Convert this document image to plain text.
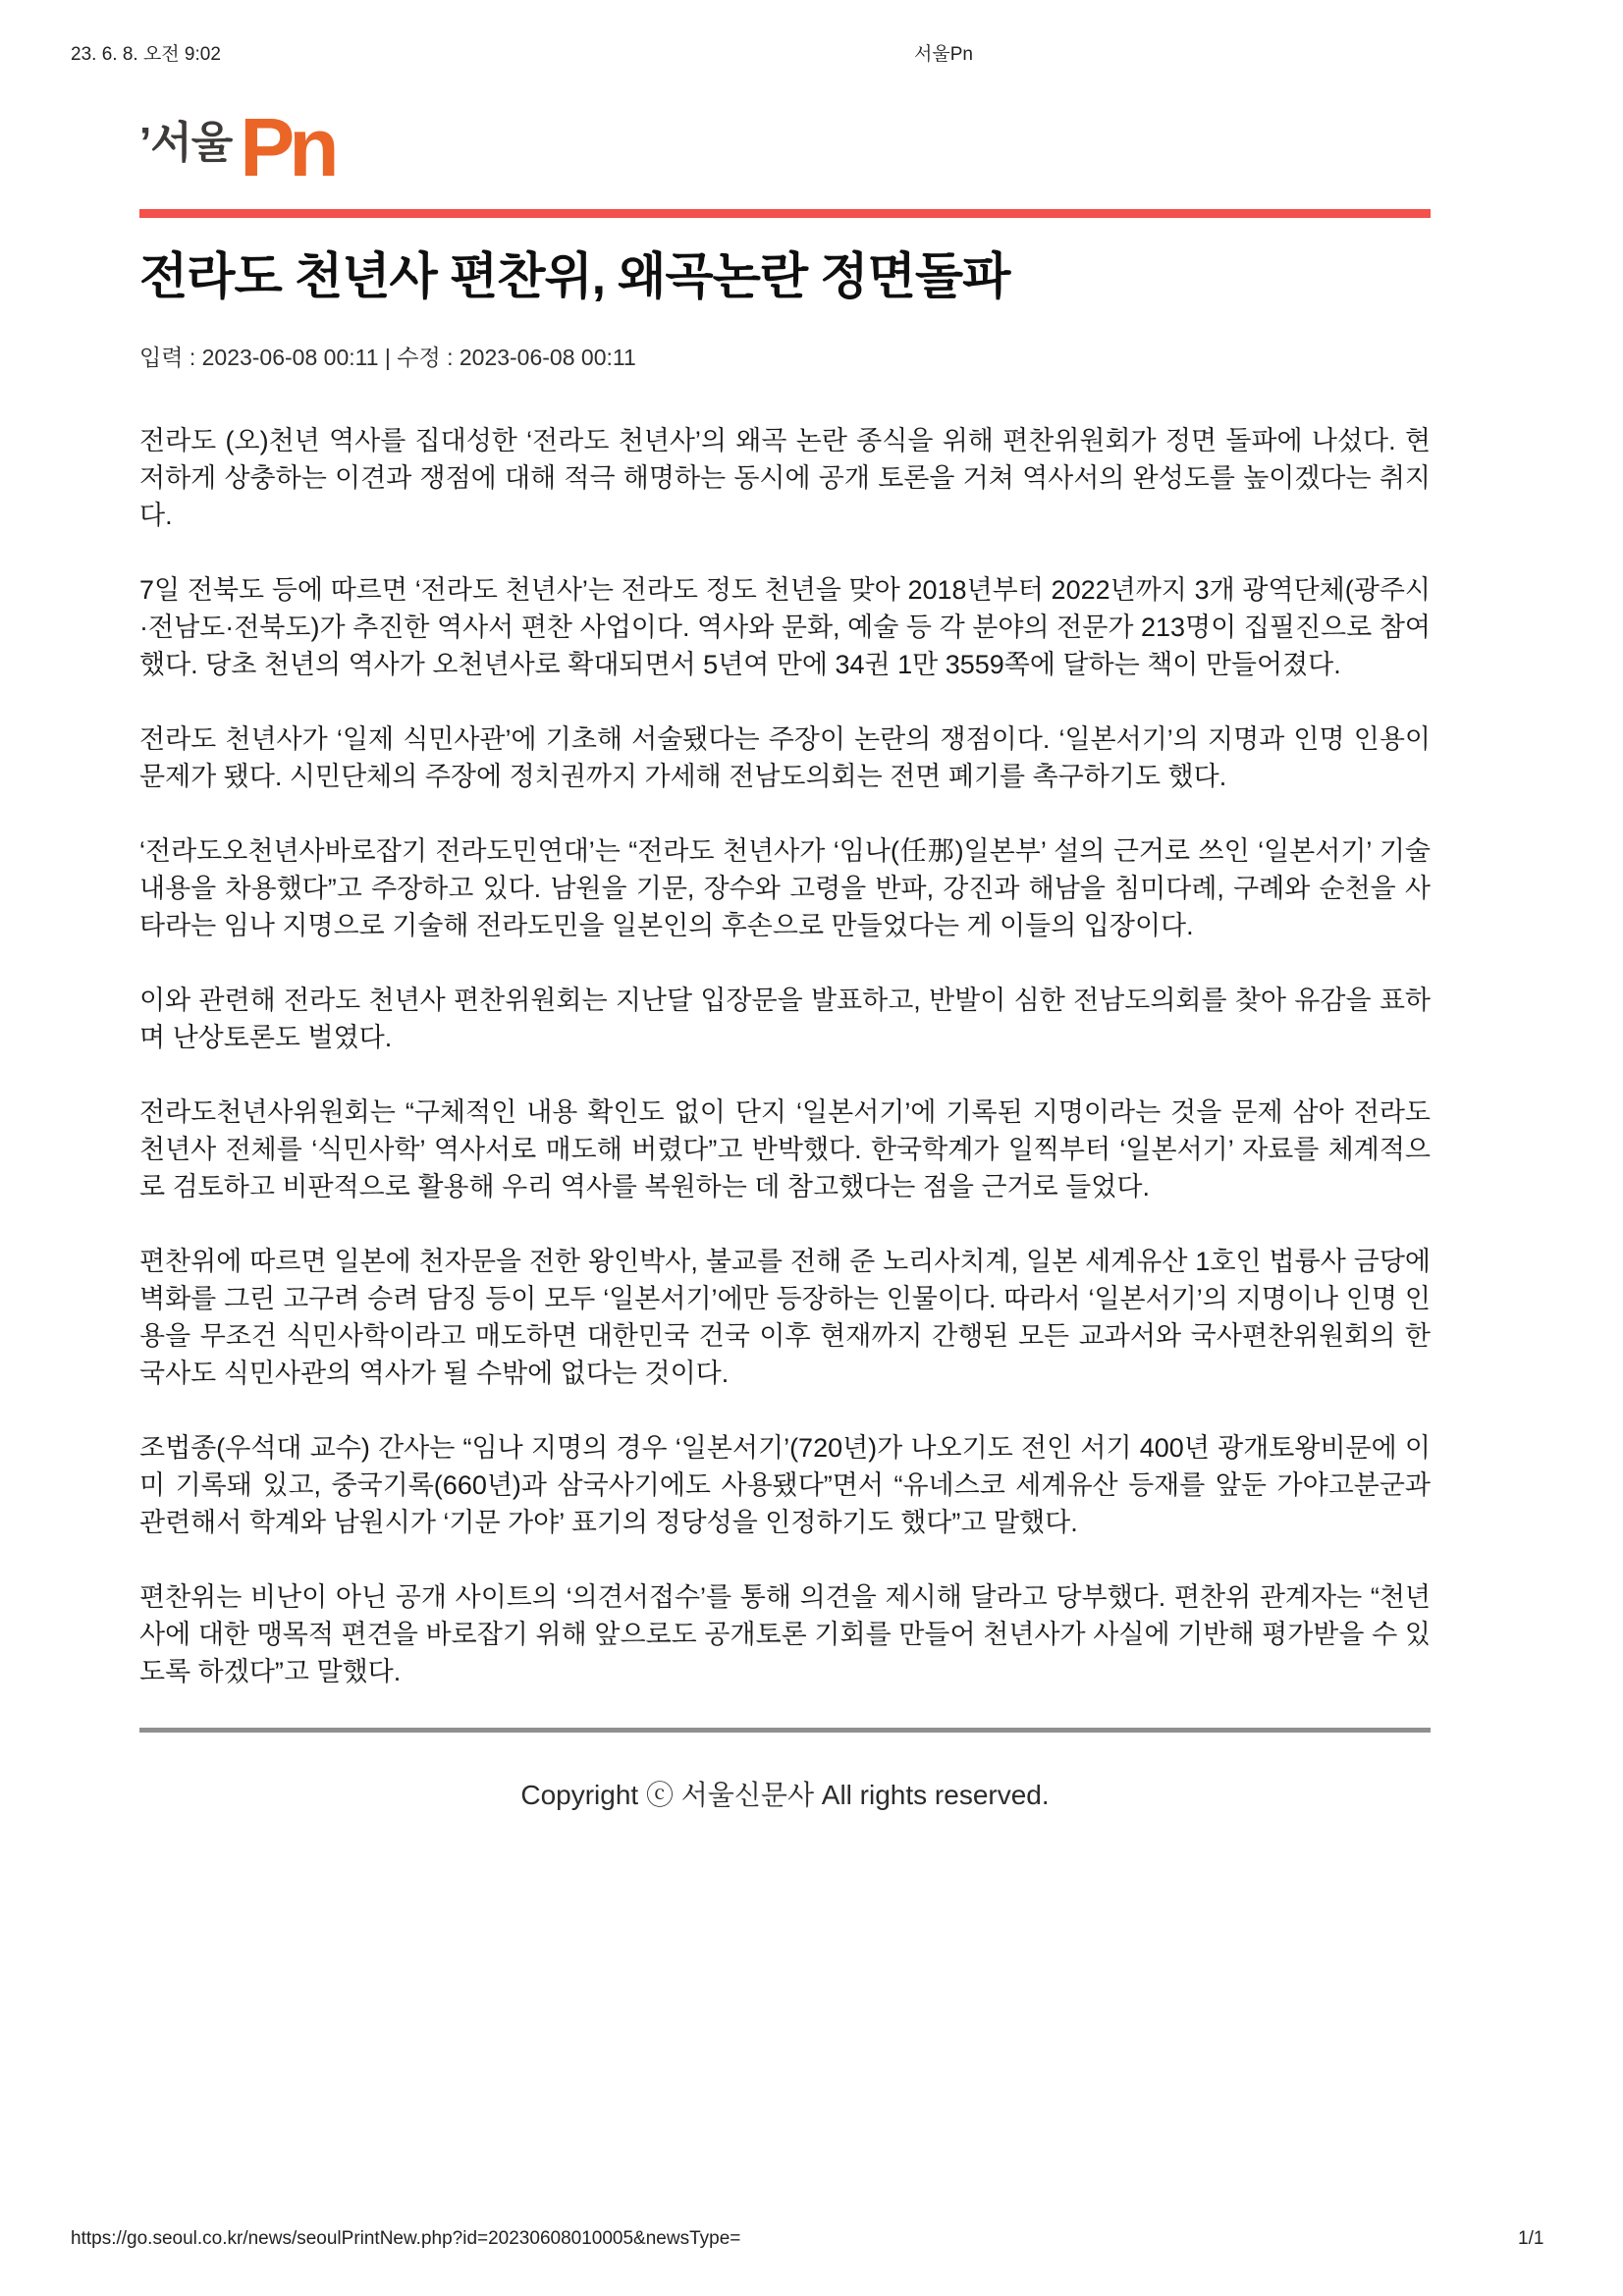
23. 6. 8. 오전 9:02	서울Pn
’서울 Pn
전라도 천년사 편찬위, 왜곡논란 정면돌파
입력 : 2023-06-08 00:11 | 수정 : 2023-06-08 00:11

전라도 (오)천년 역사를 집대성한 ‘전라도 천년사’의 왜곡 논란 종식을 위해 편찬위원회가 정면 돌파에 나섰다. 현저하게 상충하는 이견과 쟁점에 대해 적극 해명하는 동시에 공개 토론을 거쳐 역사서의 완성도를 높이겠다는 취지다.

7일 전북도 등에 따르면 ‘전라도 천년사’는 전라도 정도 천년을 맞아 2018년부터 2022년까지 3개 광역단체(광주시·전남도·전북도)가 추진한 역사서 편찬 사업이다. 역사와 문화, 예술 등 각 분야의 전문가 213명이 집필진으로 참여했다. 당초 천년의 역사가 오천년사로 확대되면서 5년여 만에 34권 1만 3559쪽에 달하는 책이 만들어졌다.

전라도 천년사가 ‘일제 식민사관’에 기초해 서술됐다는 주장이 논란의 쟁점이다. ‘일본서기’의 지명과 인명 인용이 문제가 됐다. 시민단체의 주장에 정치권까지 가세해 전남도의회는 전면 폐기를 촉구하기도 했다.

‘전라도오천년사바로잡기 전라도민연대’는 “전라도 천년사가 ‘임나(任那)일본부’ 설의 근거로 쓰인 ‘일본서기’ 기술 내용을 차용했다”고 주장하고 있다. 남원을 기문, 장수와 고령을 반파, 강진과 해남을 침미다례, 구례와 순천을 사타라는 임나 지명으로 기술해 전라도민을 일본인의 후손으로 만들었다는 게 이들의 입장이다.

이와 관련해 전라도 천년사 편찬위원회는 지난달 입장문을 발표하고, 반발이 심한 전남도의회를 찾아 유감을 표하며 난상토론도 벌였다.

전라도천년사위원회는 “구체적인 내용 확인도 없이 단지 ‘일본서기’에 기록된 지명이라는 것을 문제 삼아 전라도 천년사 전체를 ‘식민사학’ 역사서로 매도해 버렸다”고 반박했다. 한국학계가 일찍부터 ‘일본서기’ 자료를 체계적으로 검토하고 비판적으로 활용해 우리 역사를 복원하는 데 참고했다는 점을 근거로 들었다.

편찬위에 따르면 일본에 천자문을 전한 왕인박사, 불교를 전해 준 노리사치계, 일본 세계유산 1호인 법륭사 금당에 벽화를 그린 고구려 승려 담징 등이 모두 ‘일본서기’에만 등장하는 인물이다. 따라서 ‘일본서기’의 지명이나 인명 인용을 무조건 식민사학이라고 매도하면 대한민국 건국 이후 현재까지 간행된 모든 교과서와 국사편찬위원회의 한국사도 식민사관의 역사가 될 수밖에 없다는 것이다.

조법종(우석대 교수) 간사는 “임나 지명의 경우 ‘일본서기’(720년)가 나오기도 전인 서기 400년 광개토왕비문에 이미 기록돼 있고, 중국기록(660년)과 삼국사기에도 사용됐다”면서 “유네스코 세계유산 등재를 앞둔 가야고분군과 관련해서 학계와 남원시가 ‘기문 가야’ 표기의 정당성을 인정하기도 했다”고 말했다.

편찬위는 비난이 아닌 공개 사이트의 ‘의견서접수’를 통해 의견을 제시해 달라고 당부했다. 편찬위 관계자는 “천년사에 대한 맹목적 편견을 바로잡기 위해 앞으로도 공개토론 기회를 만들어 천년사가 사실에 기반해 평가받을 수 있도록 하겠다”고 말했다.

Copyright ⓒ 서울신문사 All rights reserved.
https://go.seoul.co.kr/news/seoulPrintNew.php?id=20230608010005&newsType=	1/1
